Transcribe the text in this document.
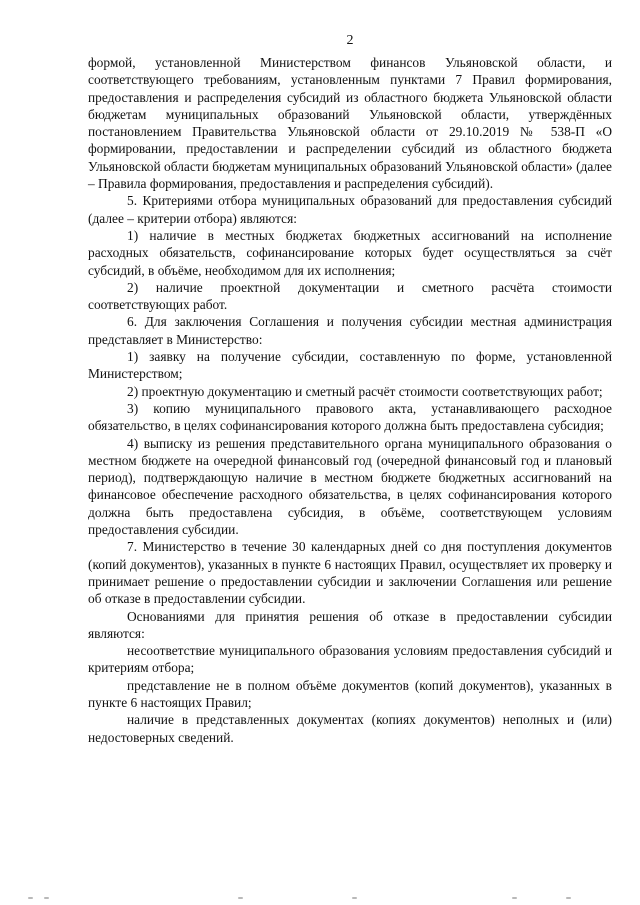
2

формой, установленной Министерством финансов Ульяновской области, и соответствующего требованиям, установленным пунктами 7 Правил формирования, предоставления и распределения субсидий из областного бюджета Ульяновской области бюджетам муниципальных образований Ульяновской области, утверждённых постановлением Правительства Ульяновской области от 29.10.2019 № 538-П «О формировании, предоставлении и распределении субсидий из областного бюджета Ульяновской области бюджетам муниципальных образований Ульяновской области» (далее – Правила формирования, предоставления и распределения субсидий).

5. Критериями отбора муниципальных образований для предоставления субсидий (далее – критерии отбора) являются:

1) наличие в местных бюджетах бюджетных ассигнований на исполнение расходных обязательств, софинансирование которых будет осуществляться за счёт субсидий, в объёме, необходимом для их исполнения;

2) наличие проектной документации и сметного расчёта стоимости соответствующих работ.

6. Для заключения Соглашения и получения субсидии местная администрация представляет в Министерство:

1) заявку на получение субсидии, составленную по форме, установленной Министерством;

2) проектную документацию и сметный расчёт стоимости соответствующих работ;

3) копию муниципального правового акта, устанавливающего расходное обязательство, в целях софинансирования которого должна быть предоставлена субсидия;

4) выписку из решения представительного органа муниципального образования о местном бюджете на очередной финансовый год (очередной финансовый год и плановый период), подтверждающую наличие в местном бюджете бюджетных ассигнований на финансовое обеспечение расходного обязательства, в целях софинансирования которого должна быть предоставлена субсидия, в объёме, соответствующем условиям предоставления субсидии.

7. Министерство в течение 30 календарных дней со дня поступления документов (копий документов), указанных в пункте 6 настоящих Правил, осуществляет их проверку и принимает решение о предоставлении субсидии и заключении Соглашения или решение об отказе в предоставлении субсидии.

Основаниями для принятия решения об отказе в предоставлении субсидии являются:

несоответствие муниципального образования условиям предоставления субсидий и критериям отбора;

представление не в полном объёме документов (копий документов), указанных в пункте 6 настоящих Правил;

наличие в представленных документах (копиях документов) неполных и (или) недостоверных сведений.
